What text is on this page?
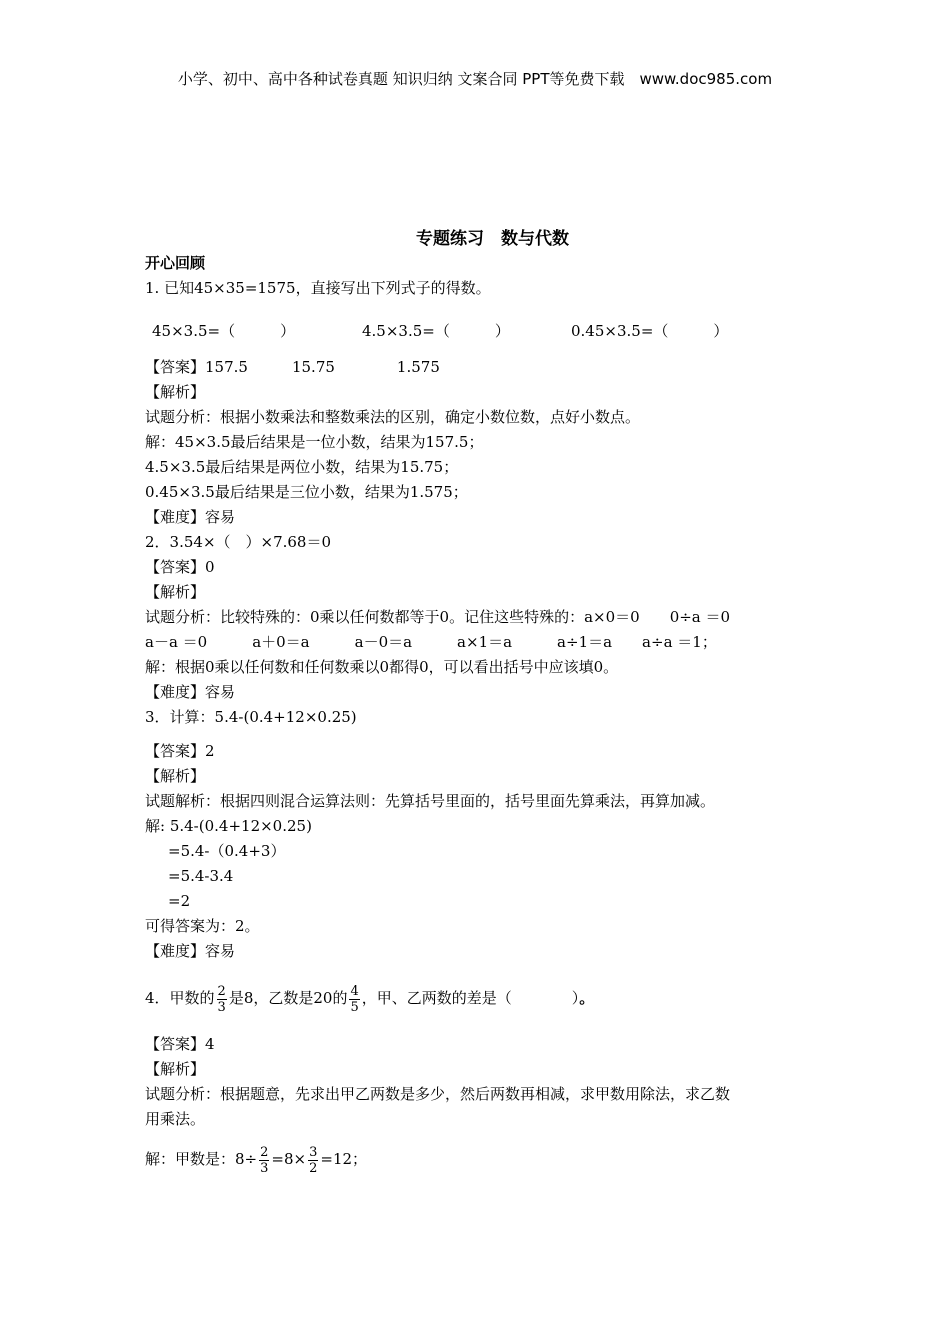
小学、初中、高中各种试卷真题 知识归纳 文案合同 PPT等免费下载　www.doc985.com
专题练习　数与代数
开心回顾
1. 已知45×35=1575，直接写出下列式子的得数。
45×3.5=（　　　）	4.5×3.5=（　　　）	0.45×3.5=（　　　）
【答案】157.5	15.75	1.575
【解析】
试题分析：根据小数乘法和整数乘法的区别，确定小数位数，点好小数点。
解：45×3.5最后结果是一位小数，结果为157.5；
4.5×3.5最后结果是两位小数，结果为15.75；
0.45×3.5最后结果是三位小数，结果为1.575；
【难度】容易
2．3.54×（　）×7.68＝0
【答案】0
【解析】
试题分析：比较特殊的：0乘以任何数都等于0。记住这些特殊的：a×0＝0　　0÷a ＝0
a－a ＝0　　　a＋0＝a　　　a－0＝a　　　a×1＝a　　　a÷1＝a　　a÷a ＝1；
解：根据0乘以任何数和任何数乘以0都得0，可以看出括号中应该填0。
【难度】容易
3．计算：5.4-(0.4+12×0.25)
【答案】2
【解析】
试题解析：根据四则混合运算法则：先算括号里面的，括号里面先算乘法，再算加减。
解: 5.4-(0.4+12×0.25)
=5.4-（0.4+3）
=5.4-3.4
=2
可得答案为：2。
【难度】容易
4．甲数的 $\frac{2}{3}$ 是8，乙数是20的 $\frac{4}{5}$ ，甲、乙两数的差是（　　　　）。
【答案】4
【解析】
试题分析：根据题意，先求出甲乙两数是多少，然后两数再相减，求甲数用除法，求乙数
用乘法。
解：甲数是：$8\div \frac{2}{3} =8\times \frac{3}{2} =12$；
